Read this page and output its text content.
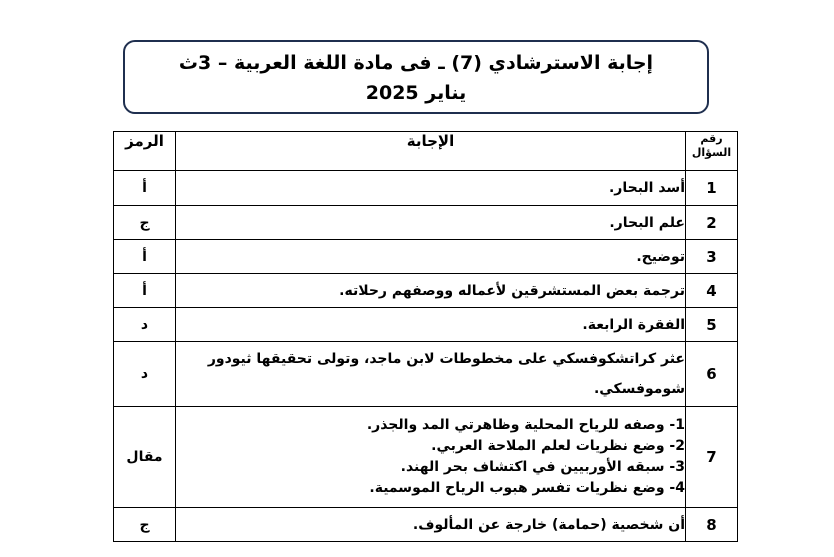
إجابة الاسترشادي (7) ـ فى مادة اللغة العربية – 3ث
يناير 2025
رقم
السؤال	الإجابة	الرمز
1	أسد البحار.	أ
2	علم البحار.	ج
3	توضيح.	أ
4	ترجمة بعض المستشرقين لأعماله ووصفهم رحلاته.	أ
5	الفقرة الرابعة.	د
6	عثر كراتشكوفسكي على مخطوطات لابن ماجد، وتولى تحقيقها ثيودور شوموفسكي.	د
7	1- وصفه للرياح المحلية وظاهرتي المد والجذر.
2- وضع نظريات لعلم الملاحة العربي.
3- سبقه الأوربيين في اكتشاف بحر الهند.
4- وضع نظريات تفسر هبوب الرياح الموسمية.	مقال
8	أن شخصية (حمامة) خارجة عن المألوف.	ج
